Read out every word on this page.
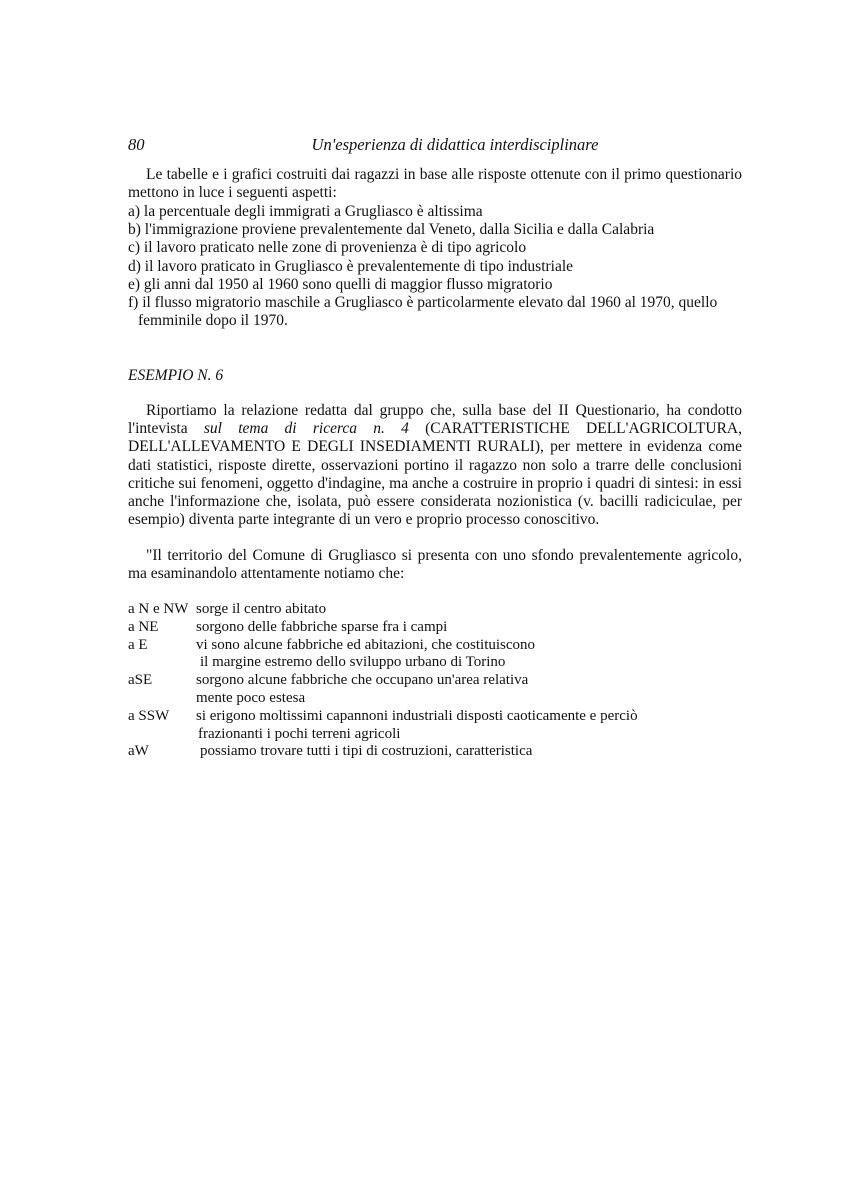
80	Un'esperienza di didattica interdisciplinare

Le tabelle e i grafici costruiti dai ragazzi in base alle risposte ottenute con il primo questionario mettono in luce i seguenti aspetti:

a) la percentuale degli immigrati a Grugliasco è altissima
b) l'immigrazione proviene prevalentemente dal Veneto, dalla Sicilia e dalla Calabria
c) il lavoro praticato nelle zone di provenienza è di tipo agricolo
d) il lavoro praticato in Grugliasco è prevalentemente di tipo industriale
e) gli anni dal 1950 al 1960 sono quelli di maggior flusso migratorio
f) il flusso migratorio maschile a Grugliasco è particolarmente elevato dal 1960 al 1970, quello femminile dopo il 1970.
ESEMPIO N. 6

Riportiamo la relazione redatta dal gruppo che, sulla base del II Questionario, ha condotto l'intevista sul tema di ricerca n. 4 (CARATTERISTICHE DELL'AGRICOLTURA, DELL'ALLEVAMENTO E DEGLI INSEDIAMENTI RURALI), per mettere in evidenza come dati statistici, risposte dirette, osservazioni portino il ragazzo non solo a trarre delle conclusioni critiche sui fenomeni, oggetto d'indagine, ma anche a costruire in proprio i quadri di sintesi: in essi anche l'informazione che, isolata, può essere considerata nozionistica (v. bacilli radiciculae, per esempio) diventa parte integrante di un vero e proprio processo conoscitivo.

"Il territorio del Comune di Grugliasco si presenta con uno sfondo prevalentemente agricolo, ma esaminandolo attentamente notiamo che:

a N e NW sorge il centro abitato
a NE	sorgono delle fabbriche sparse fra i campi
a E	vi sono alcune fabbriche ed abitazioni, che costituiscono
il margine estremo dello sviluppo urbano di Torino
aSE	sorgono alcune fabbriche che occupano un'area relativa
mente poco estesa
a SSW	si erigono moltissimi capannoni industriali disposti caoticamente e perciò
frazionanti i pochi terreni agricoli
aW	possiamo trovare tutti i tipi di costruzioni, caratteristica
